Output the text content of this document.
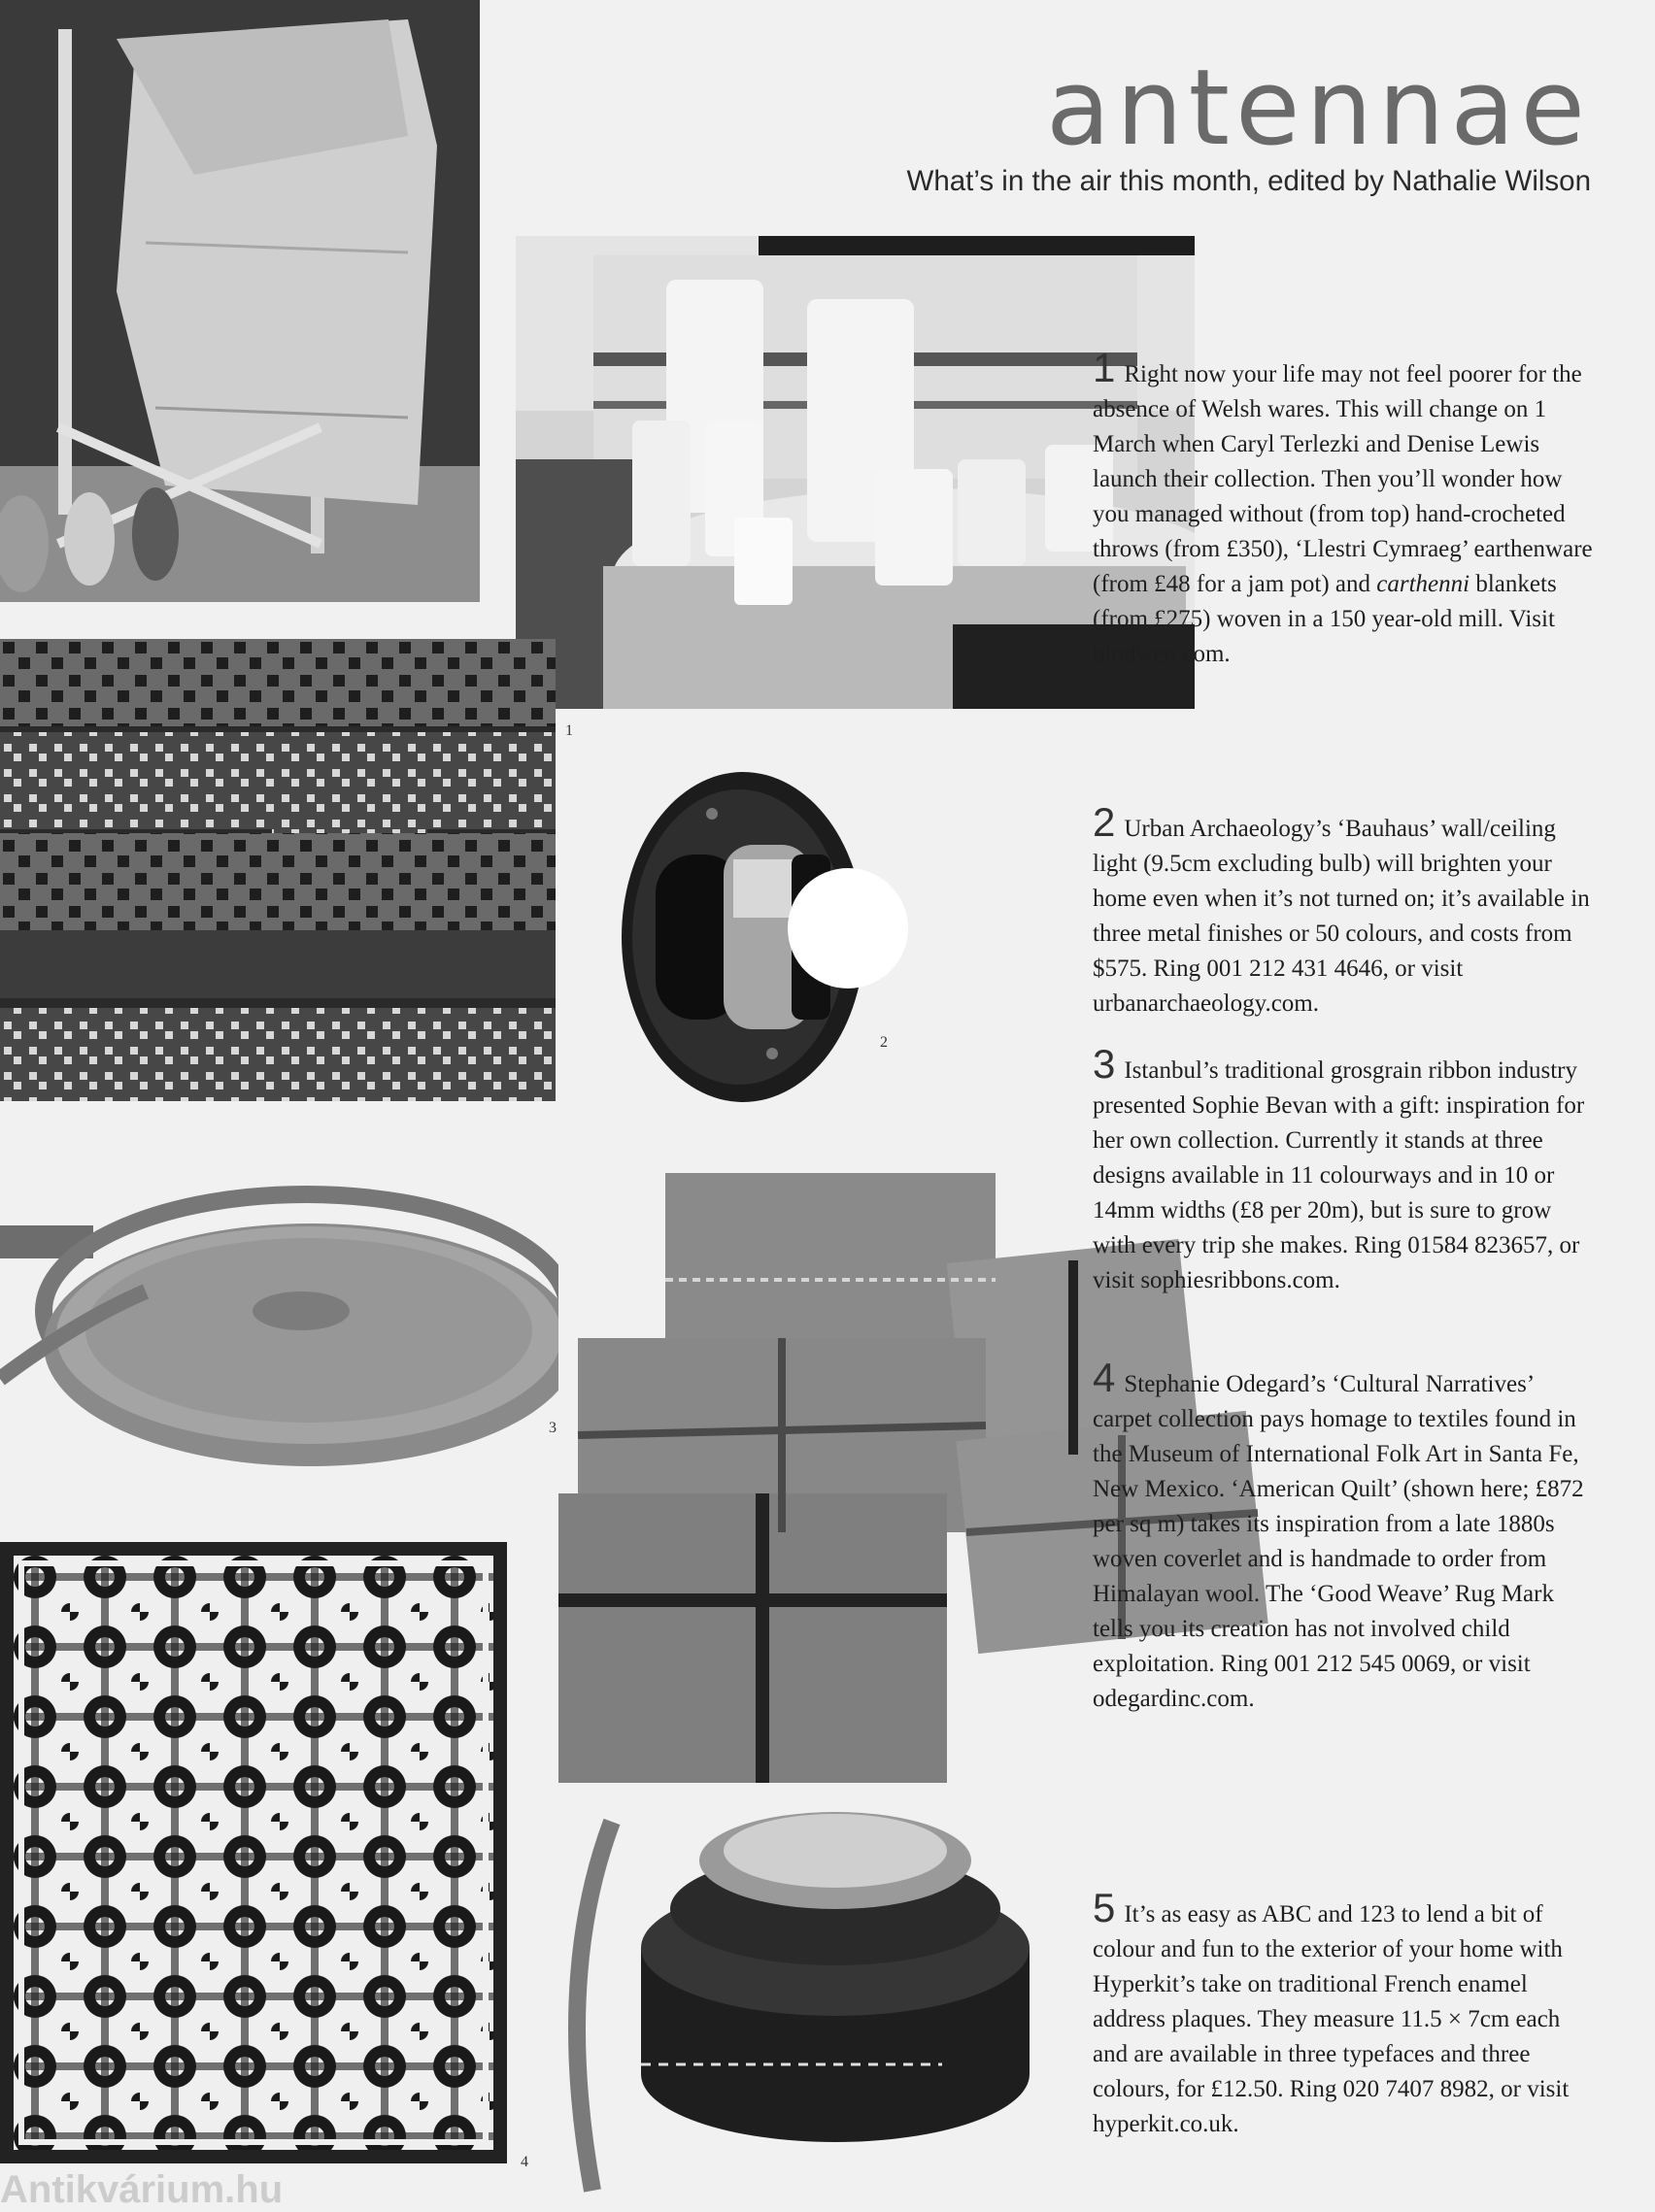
antennae
What’s in the air this month, edited by Nathalie Wilson
1
2
3
4

1 Right now your life may not feel poorer for the absence of Welsh wares. This will change on 1 March when Caryl Terlezki and Denise Lewis launch their collection. Then you’ll wonder how you managed without (from top) hand-crocheted throws (from £350), ‘Llestri Cymraeg’ earthenware (from £48 for a jam pot) and carthenni blankets (from £275) woven in a 150 year-old mill. Visit blodwen.com.

2 Urban Archaeology’s ‘Bauhaus’ wall/ceiling light (9.5cm excluding bulb) will brighten your home even when it’s not turned on; it’s available in three metal finishes or 50 colours, and costs from $575. Ring 001 212 431 4646, or visit urbanarchaeology.com.

3 Istanbul’s traditional grosgrain ribbon industry presented Sophie Bevan with a gift: inspiration for her own collection. Currently it stands at three designs available in 11 colourways and in 10 or 14mm widths (£8 per 20m), but is sure to grow with every trip she makes. Ring 01584 823657, or visit sophiesribbons.com.

4 Stephanie Odegard’s ‘Cultural Narratives’ carpet collection pays homage to textiles found in the Museum of International Folk Art in Santa Fe, New Mexico. ‘American Quilt’ (shown here; £872 per sq m) takes its inspiration from a late 1880s woven coverlet and is handmade to order from Himalayan wool. The ‘Good Weave’ Rug Mark tells you its creation has not involved child exploitation. Ring 001 212 545 0069, or visit odegardinc.com.

5 It’s as easy as ABC and 123 to lend a bit of colour and fun to the exterior of your home with Hyperkit’s take on traditional French enamel address plaques. They measure 11.5 × 7cm each and are available in three typefaces and three colours, for £12.50. Ring 020 7407 8982, or visit hyperkit.co.uk.

Antikvárium.hu
